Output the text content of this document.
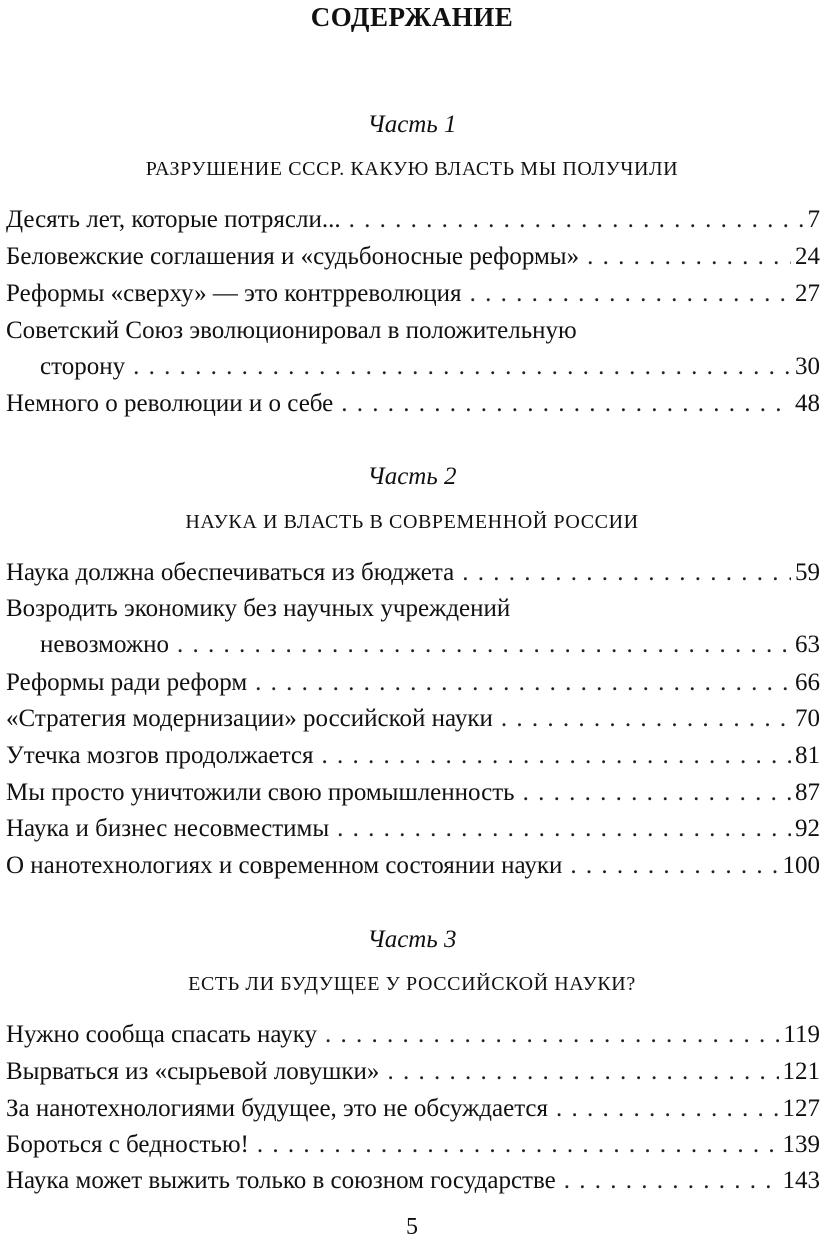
СОДЕРЖАНИЕ
Часть 1
РАЗРУШЕНИЕ СССР. КАКУЮ ВЛАСТЬ МЫ ПОЛУЧИЛИ
Десять лет, которые потрясли... . . .	7
Беловежские соглашения и «судьбоносные реформы» . . .	24
Реформы «сверху» — это контрреволюция . . .	27
Советский Союз эволюционировал в положительную
сторону . . .	30
Немного о революции и о себе . . .	48
Часть 2
НАУКА И ВЛАСТЬ В СОВРЕМЕННОЙ РОССИИ
Наука должна обеспечиваться из бюджета . . .	59
Возродить экономику без научных учреждений
невозможно . . .	63
Реформы ради реформ . . .	66
«Стратегия модернизации» российской науки . . .	70
Утечка мозгов продолжается . . .	81
Мы просто уничтожили свою промышленность . . .	87
Наука и бизнес несовместимы . . .	92
О нанотехнологиях и современном состоянии науки . . .	100
Часть 3
ЕСТЬ ЛИ БУДУЩЕЕ У РОССИЙСКОЙ НАУКИ?
Нужно сообща спасать науку . . .	119
Вырваться из «сырьевой ловушки» . . .	121
За нанотехнологиями будущее, это не обсуждается . . .	127
Бороться с бедностью! . . .	139
Наука может выжить только в союзном государстве . . .	143
5
